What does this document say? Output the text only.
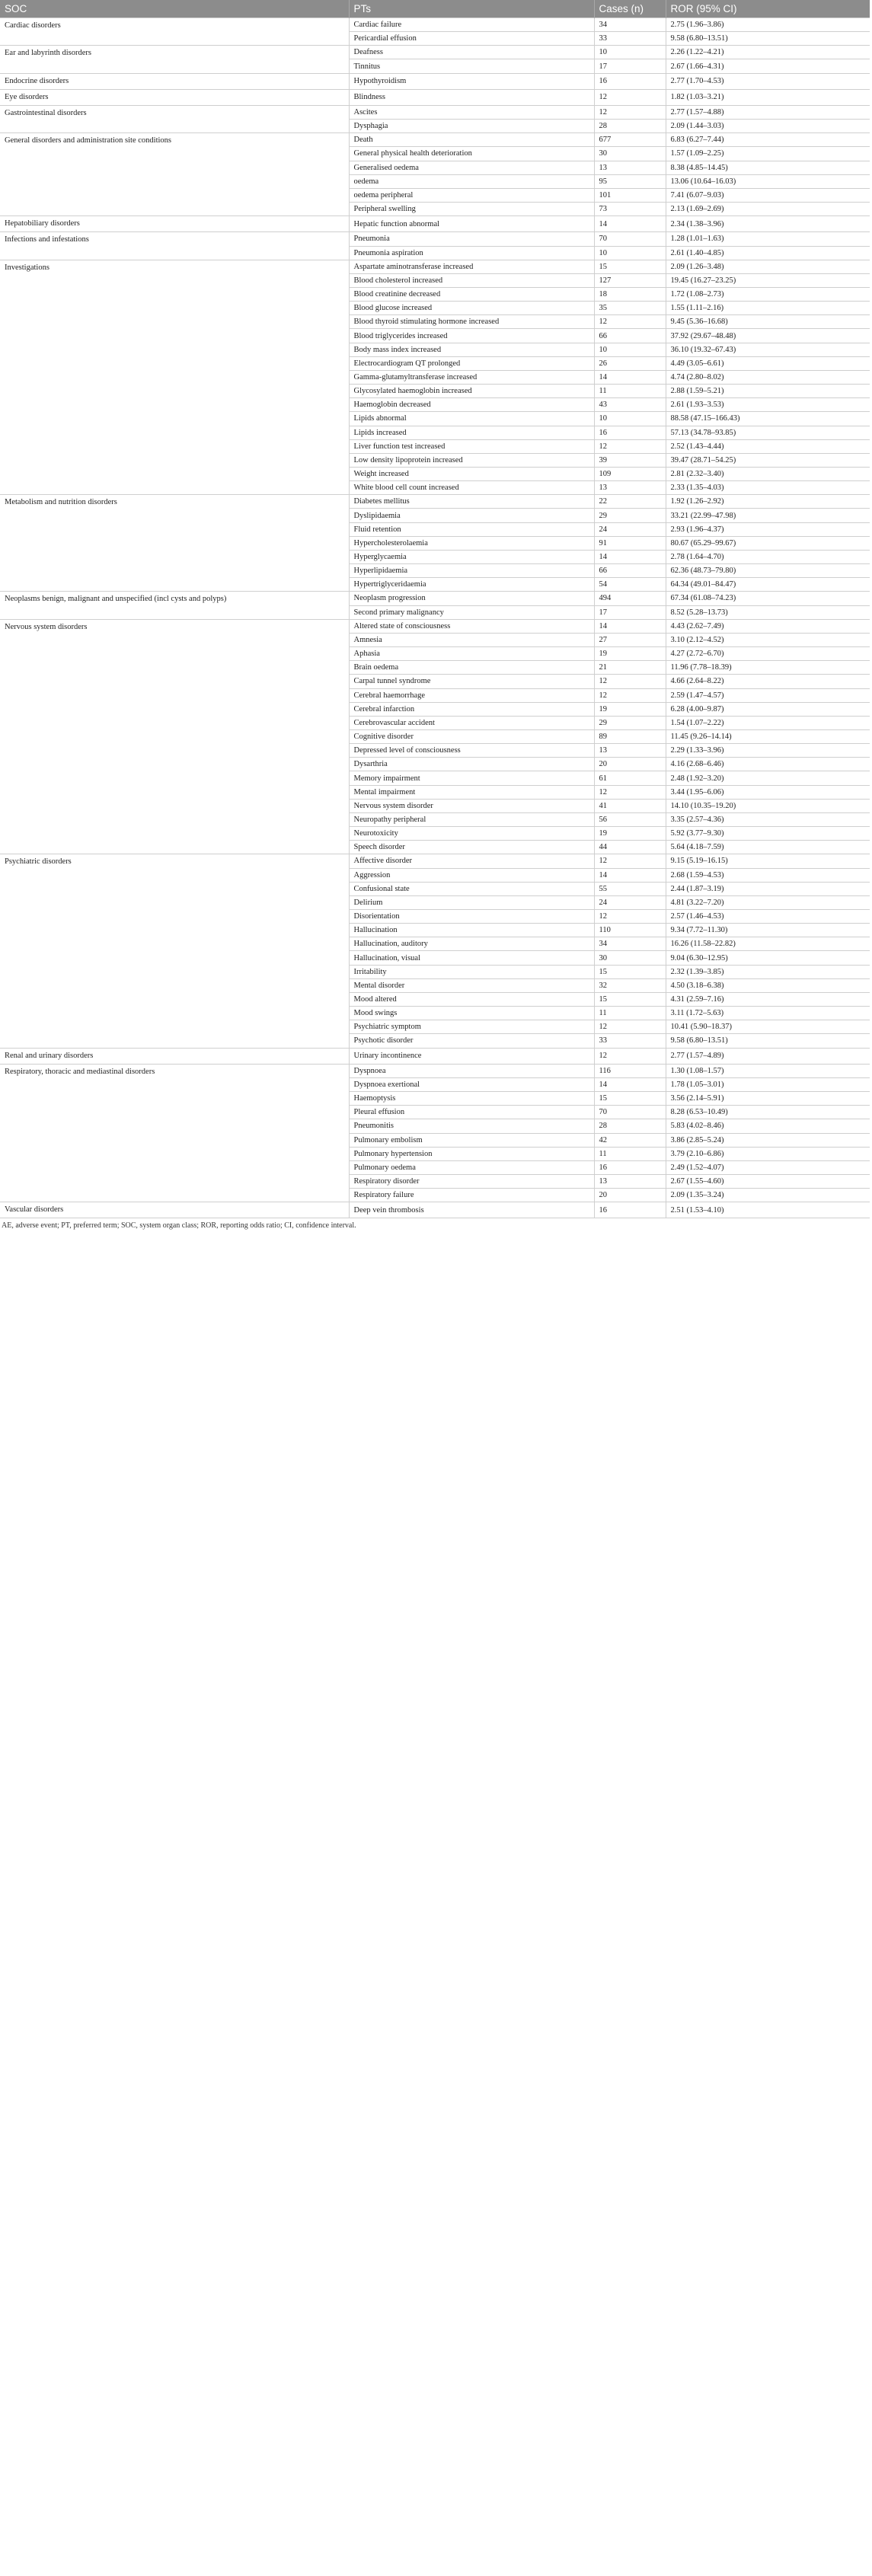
SOC	PTs	Cases (n)	ROR (95% CI)
Cardiac disorders	Cardiac failure	34	2.75 (1.96–3.86)
	Pericardial effusion	33	9.58 (6.80–13.51)
Ear and labyrinth disorders	Deafness	10	2.26 (1.22–4.21)
	Tinnitus	17	2.67 (1.66–4.31)
Endocrine disorders	Hypothyroidism	16	2.77 (1.70–4.53)
Eye disorders	Blindness	12	1.82 (1.03–3.21)
Gastrointestinal disorders	Ascites	12	2.77 (1.57–4.88)
	Dysphagia	28	2.09 (1.44–3.03)
General disorders and administration site conditions	Death	677	6.83 (6.27–7.44)
	General physical health deterioration	30	1.57 (1.09–2.25)
	Generalised oedema	13	8.38 (4.85–14.45)
	oedema	95	13.06 (10.64–16.03)
	oedema peripheral	101	7.41 (6.07–9.03)
	Peripheral swelling	73	2.13 (1.69–2.69)
Hepatobiliary disorders	Hepatic function abnormal	14	2.34 (1.38–3.96)
Infections and infestations	Pneumonia	70	1.28 (1.01–1.63)
	Pneumonia aspiration	10	2.61 (1.40–4.85)
Investigations	Aspartate aminotransferase increased	15	2.09 (1.26–3.48)
	Blood cholesterol increased	127	19.45 (16.27–23.25)
	Blood creatinine decreased	18	1.72 (1.08–2.73)
	Blood glucose increased	35	1.55 (1.11–2.16)
	Blood thyroid stimulating hormone increased	12	9.45 (5.36–16.68)
	Blood triglycerides increased	66	37.92 (29.67–48.48)
	Body mass index increased	10	36.10 (19.32–67.43)
	Electrocardiogram QT prolonged	26	4.49 (3.05–6.61)
	Gamma-glutamyltransferase increased	14	4.74 (2.80–8.02)
	Glycosylated haemoglobin increased	11	2.88 (1.59–5.21)
	Haemoglobin decreased	43	2.61 (1.93–3.53)
	Lipids abnormal	10	88.58 (47.15–166.43)
	Lipids increased	16	57.13 (34.78–93.85)
	Liver function test increased	12	2.52 (1.43–4.44)
	Low density lipoprotein increased	39	39.47 (28.71–54.25)
	Weight increased	109	2.81 (2.32–3.40)
	White blood cell count increased	13	2.33 (1.35–4.03)
Metabolism and nutrition disorders	Diabetes mellitus	22	1.92 (1.26–2.92)
	Dyslipidaemia	29	33.21 (22.99–47.98)
	Fluid retention	24	2.93 (1.96–4.37)
	Hypercholesterolaemia	91	80.67 (65.29–99.67)
	Hyperglycaemia	14	2.78 (1.64–4.70)
	Hyperlipidaemia	66	62.36 (48.73–79.80)
	Hypertriglyceridaemia	54	64.34 (49.01–84.47)
Neoplasms benign, malignant and unspecified (incl cysts and polyps)	Neoplasm progression	494	67.34 (61.08–74.23)
	Second primary malignancy	17	8.52 (5.28–13.73)
Nervous system disorders	Altered state of consciousness	14	4.43 (2.62–7.49)
	Amnesia	27	3.10 (2.12–4.52)
	Aphasia	19	4.27 (2.72–6.70)
	Brain oedema	21	11.96 (7.78–18.39)
	Carpal tunnel syndrome	12	4.66 (2.64–8.22)
	Cerebral haemorrhage	12	2.59 (1.47–4.57)
	Cerebral infarction	19	6.28 (4.00–9.87)
	Cerebrovascular accident	29	1.54 (1.07–2.22)
	Cognitive disorder	89	11.45 (9.26–14.14)
	Depressed level of consciousness	13	2.29 (1.33–3.96)
	Dysarthria	20	4.16 (2.68–6.46)
	Memory impairment	61	2.48 (1.92–3.20)
	Mental impairment	12	3.44 (1.95–6.06)
	Nervous system disorder	41	14.10 (10.35–19.20)
	Neuropathy peripheral	56	3.35 (2.57–4.36)
	Neurotoxicity	19	5.92 (3.77–9.30)
	Speech disorder	44	5.64 (4.18–7.59)
Psychiatric disorders	Affective disorder	12	9.15 (5.19–16.15)
	Aggression	14	2.68 (1.59–4.53)
	Confusional state	55	2.44 (1.87–3.19)
	Delirium	24	4.81 (3.22–7.20)
	Disorientation	12	2.57 (1.46–4.53)
	Hallucination	110	9.34 (7.72–11.30)
	Hallucination, auditory	34	16.26 (11.58–22.82)
	Hallucination, visual	30	9.04 (6.30–12.95)
	Irritability	15	2.32 (1.39–3.85)
	Mental disorder	32	4.50 (3.18–6.38)
	Mood altered	15	4.31 (2.59–7.16)
	Mood swings	11	3.11 (1.72–5.63)
	Psychiatric symptom	12	10.41 (5.90–18.37)
	Psychotic disorder	33	9.58 (6.80–13.51)
Renal and urinary disorders	Urinary incontinence	12	2.77 (1.57–4.89)
Respiratory, thoracic and mediastinal disorders	Dyspnoea	116	1.30 (1.08–1.57)
	Dyspnoea exertional	14	1.78 (1.05–3.01)
	Haemoptysis	15	3.56 (2.14–5.91)
	Pleural effusion	70	8.28 (6.53–10.49)
	Pneumonitis	28	5.83 (4.02–8.46)
	Pulmonary embolism	42	3.86 (2.85–5.24)
	Pulmonary hypertension	11	3.79 (2.10–6.86)
	Pulmonary oedema	16	2.49 (1.52–4.07)
	Respiratory disorder	13	2.67 (1.55–4.60)
	Respiratory failure	20	2.09 (1.35–3.24)
Vascular disorders	Deep vein thrombosis	16	2.51 (1.53–4.10)

AE, adverse event; PT, preferred term; SOC, system organ class; ROR, reporting odds ratio; CI, confidence interval.
